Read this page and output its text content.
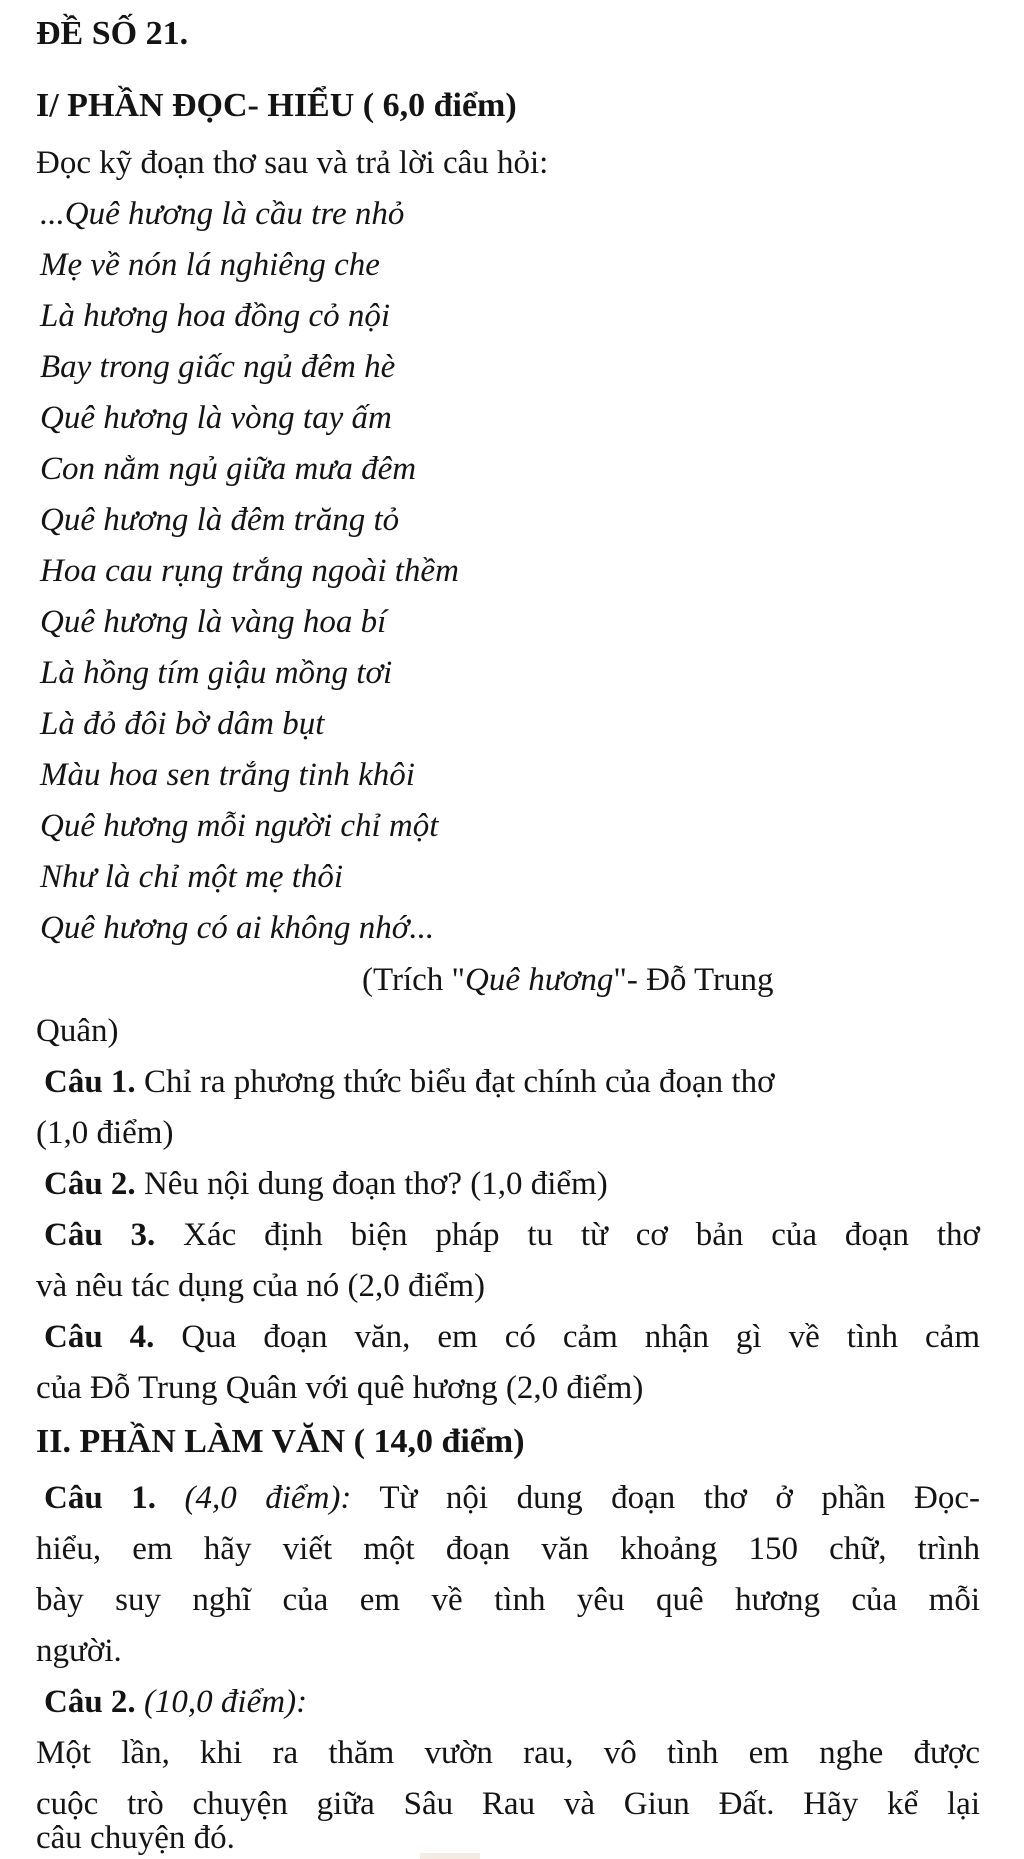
ĐỀ SỐ 21.
I/ PHẦN ĐỌC- HIỂU ( 6,0 điểm)
Đọc kỹ đoạn thơ sau và trả lời câu hỏi:
...Quê hương là cầu tre nhỏ
Mẹ về nón lá nghiêng che
Là hương hoa đồng cỏ nội
Bay trong giấc ngủ đêm hè
Quê hương là vòng tay ấm
Con nằm ngủ giữa mưa đêm
Quê hương là đêm trăng tỏ
Hoa cau rụng trắng ngoài thềm
Quê hương là vàng hoa bí
Là hồng tím giậu mồng tơi
Là đỏ đôi bờ dâm bụt
Màu hoa sen trắng tinh khôi
Quê hương mỗi người chỉ một
Như là chỉ một mẹ thôi
Quê hương có ai không nhớ...
(Trích "Quê hương"- Đỗ Trung
Quân)
Câu 1. Chỉ ra phương thức biểu đạt chính của đoạn thơ
(1,0 điểm)
Câu 2. Nêu nội dung đoạn thơ? (1,0 điểm)
Câu 3. Xác định biện pháp tu từ cơ bản của đoạn thơ
và nêu tác dụng của nó (2,0 điểm)
Câu 4. Qua đoạn văn, em có cảm nhận gì về tình cảm
của Đỗ Trung Quân với quê hương (2,0 điểm)
II. PHẦN LÀM VĂN ( 14,0 điểm)
Câu 1. (4,0 điểm): Từ nội dung đoạn thơ ở phần Đọc-
hiểu, em hãy viết một đoạn văn khoảng 150 chữ, trình
bày suy nghĩ của em về tình yêu quê hương của mỗi
người.
Câu 2. (10,0 điểm):
Một lần, khi ra thăm vườn rau, vô tình em nghe được
cuộc trò chuyện giữa Sâu Rau và Giun Đất. Hãy kể lại
câu chuyện đó.
